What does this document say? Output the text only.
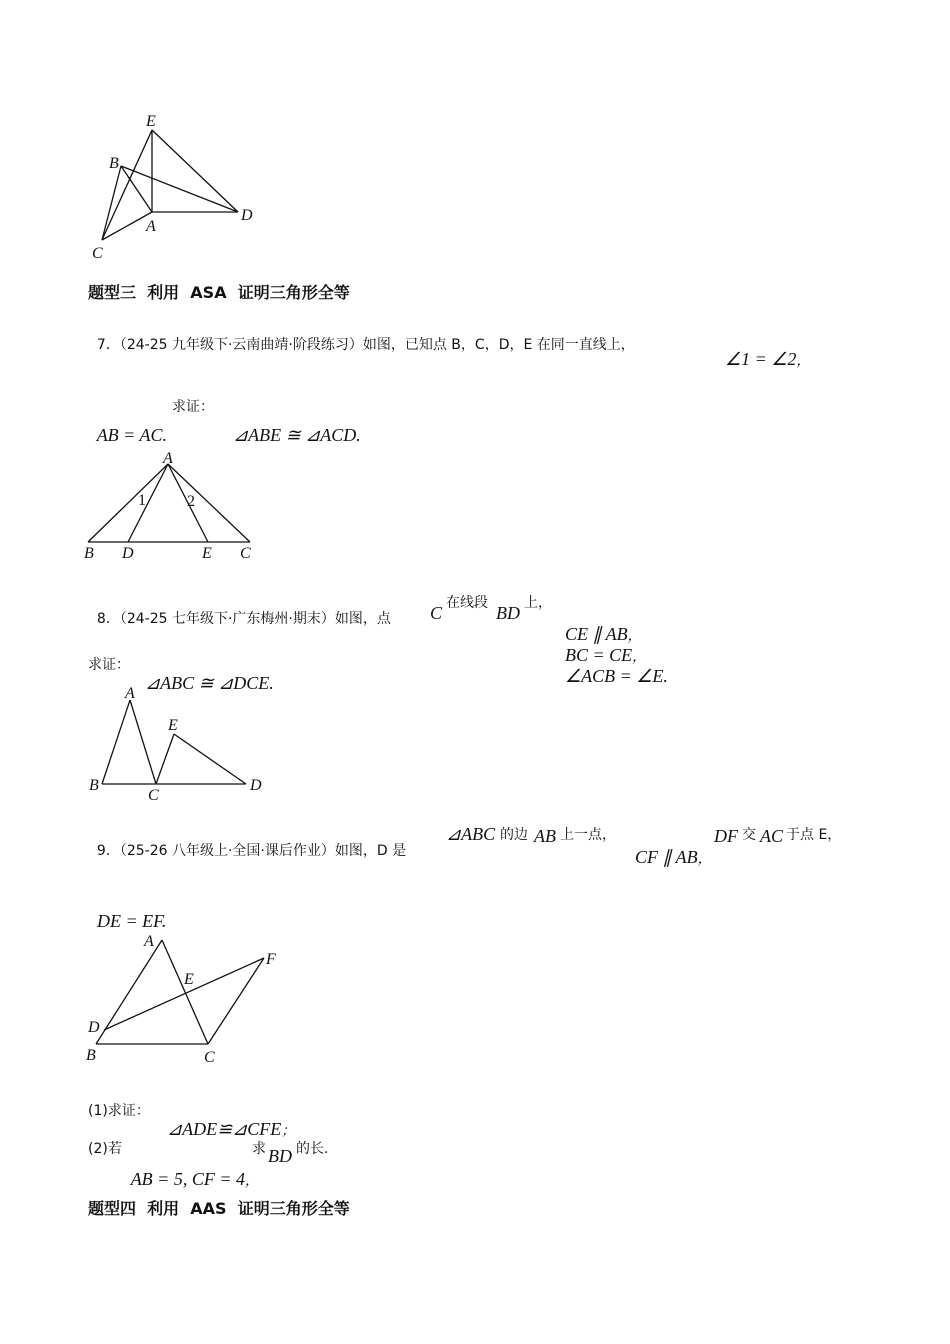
E
B
A
D
C
题型三  利用  ASA  证明三角形全等

7．（24-25 九年级下·云南曲靖·阶段练习）如图，已知点 B，C，D，E 在同一直线上，

∠1 = ∠2，

AB = AC.

求证：

⊿ABE ≅ ⊿ACD.

A
1	2
B D	E C

8．（24-25 七年级下·广东梅州·期末）如图，点 C 在线段 BD 上，

CE ∥ AB，
BC = CE，
∠ACB = ∠E.

求证：

⊿ABC ≅ ⊿DCE.

A
E
B
C
D

9．（25-26 八年级上·全国·课后作业）如图，D 是

⊿ABC 的边 AB 上一点，

CF ∥ AB，

DF 交 AC 于点 E，

DE = EF.

A
F
E
D
B	C
(1)求证：

⊿ADE≌⊿CFE；

(2)若

AB = 5, CF = 4，

求 BD 的长.
题型四  利用  AAS  证明三角形全等
